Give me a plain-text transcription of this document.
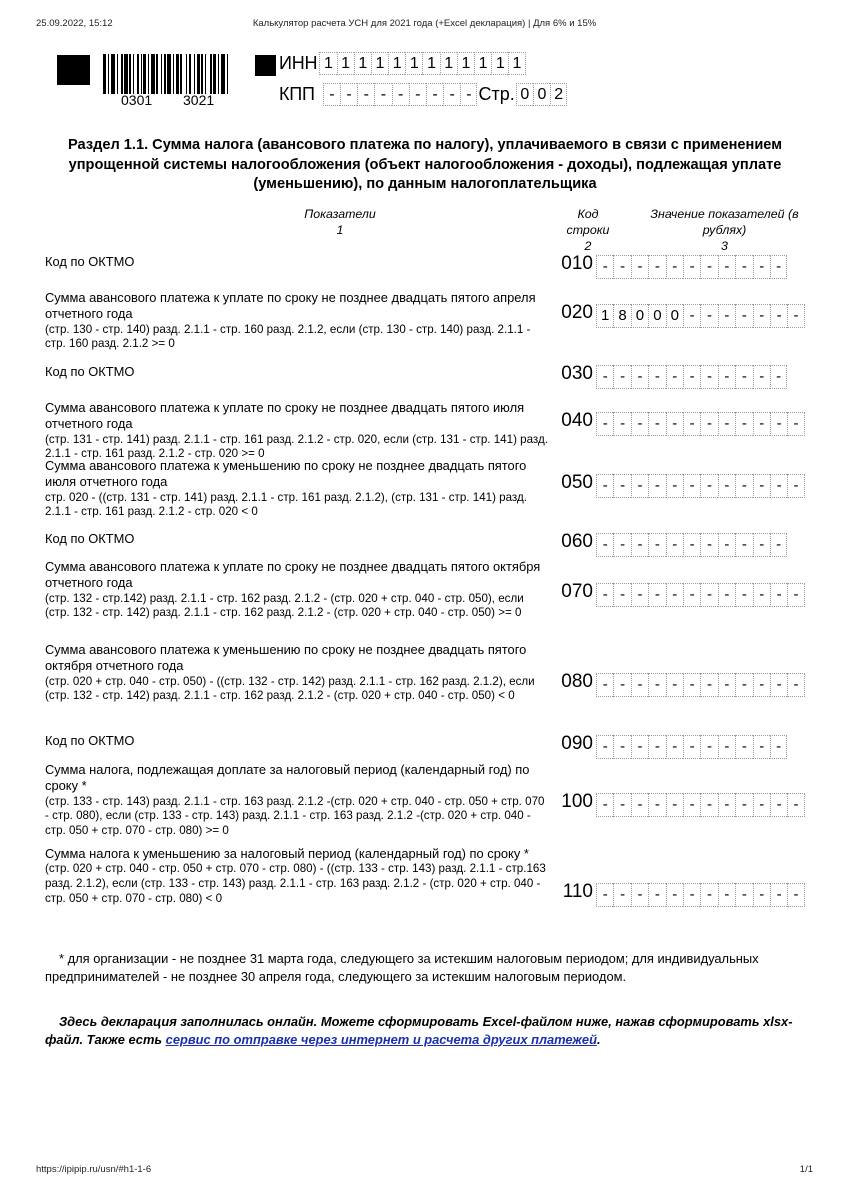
25.09.2022, 15:12	Калькулятор расчета УСН для 2021 года (+Excel декларация) | Для 6% и 15%
0301 3021
ИНН 1 1 1 1 1 1 1 1 1 1 1 1
КПП - - - - - - - - - Стр. 0 0 2
Раздел 1.1. Сумма налога (авансового платежа по налогу), уплачиваемого в связи с применением упрощенной системы налогообложения (объект налогообложения - доходы), подлежащая уплате (уменьшению), по данным налогоплательщика
Показатели
1
Код
строки
2
Значение показателей (в
рублях)
3
Код по ОКТМО	010 - - - - - - - - - - -
Сумма авансового платежа к уплате по сроку не позднее двадцать пятого апреля отчетного года
(стр. 130 - стр. 140) разд. 2.1.1 - стр. 160 разд. 2.1.2, если (стр. 130 - стр. 140) разд. 2.1.1 - стр. 160 разд. 2.1.2 >= 0
020 1 8 0 0 0 - - - - - - -
Код по ОКТМО	030 - - - - - - - - - - -
Сумма авансового платежа к уплате по сроку не позднее двадцать пятого июля отчетного года
(стр. 131 - стр. 141) разд. 2.1.1 - стр. 161 разд. 2.1.2 - стр. 020, если (стр. 131 - стр. 141) разд. 2.1.1 - стр. 161 разд. 2.1.2 - стр. 020 >= 0
040 - - - - - - - - - - - -
Сумма авансового платежа к уменьшению по сроку не позднее двадцать пятого июля отчетного года
стр. 020 - ((стр. 131 - стр. 141) разд. 2.1.1 - стр. 161 разд. 2.1.2), (стр. 131 - стр. 141) разд. 2.1.1 - стр. 161 разд. 2.1.2 - стр. 020 < 0
050 - - - - - - - - - - - -
Код по ОКТМО	060 - - - - - - - - - - -
Сумма авансового платежа к уплате по сроку не позднее двадцать пятого октября отчетного года
(стр. 132 - стр.142) разд. 2.1.1 - стр. 162 разд. 2.1.2 - (стр. 020 + стр. 040 - стр. 050), если (стр. 132 - стр. 142) разд. 2.1.1 - стр. 162 разд. 2.1.2 - (стр. 020 + стр. 040 - стр. 050) >= 0
070 - - - - - - - - - - - -
Сумма авансового платежа к уменьшению по сроку не позднее двадцать пятого октября отчетного года
(стр. 020 + стр. 040 - стр. 050) - ((стр. 132 - стр. 142) разд. 2.1.1 - стр. 162 разд. 2.1.2), если (стр. 132 - стр. 142) разд. 2.1.1 - стр. 162 разд. 2.1.2 - (стр. 020 + стр. 040 - стр. 050) < 0
080 - - - - - - - - - - - -
Код по ОКТМО	090 - - - - - - - - - - -
Сумма налога, подлежащая доплате за налоговый период (календарный год) по сроку *
(стр. 133 - стр. 143) разд. 2.1.1 - стр. 163 разд. 2.1.2 -(стр. 020 + стр. 040 - стр. 050 + стр. 070 - стр. 080), если (стр. 133 - стр. 143) разд. 2.1.1 - стр. 163 разд. 2.1.2 -(стр. 020 + стр. 040 - стр. 050 + стр. 070 - стр. 080) >= 0
100 - - - - - - - - - - - -
Сумма налога к уменьшению за налоговый период (календарный год) по сроку *
(стр. 020 + стр. 040 - стр. 050 + стр. 070 - стр. 080) - ((стр. 133 - стр. 143) разд. 2.1.1 - стр.163 разд. 2.1.2), если (стр. 133 - стр. 143) разд. 2.1.1 - стр. 163 разд. 2.1.2 - (стр. 020 + стр. 040 - стр. 050 + стр. 070 - стр. 080) < 0	110 - - - - - - - - - - - -
* для организации - не позднее 31 марта года, следующего за истекшим налоговым периодом; для индивидуальных предпринимателей - не позднее 30 апреля года, следующего за истекшим налоговым периодом.
Здесь декларация заполнилась онлайн. Можете сформировать Excel-файлом ниже, нажав сформировать xlsx-файл. Также есть сервис по отправке через интернет и расчета других платежей.
https://ipipip.ru/usn/#h1-1-6	1/1
